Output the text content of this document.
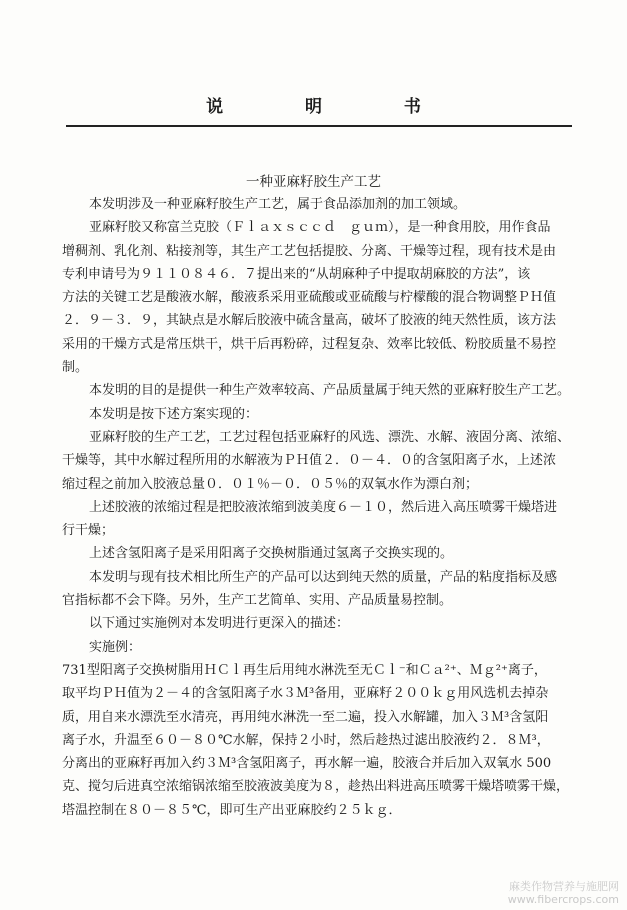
说 明 书
一种亚麻籽胶生产工艺

本发明涉及一种亚麻籽胶生产工艺，属于食品添加剂的加工领域。

亚麻籽胶又称富兰克胶（Ｆｌａｘｓｃｃｄ　ｇｕｍ），是一种食用胶，用作食品

增稠剂、乳化剂、粘接剂等，其生产工艺包括提胶、分离、干燥等过程，现有技术是由

专利申请号为９１１０８４６．７提出来的“从胡麻种子中提取胡麻胶的方法”，该

方法的关键工艺是酸液水解，酸液系采用亚硫酸或亚硫酸与柠檬酸的混合物调整ＰＨ值

２．９－３．９，其缺点是水解后胶液中硫含量高，破坏了胶液的纯天然性质，该方法

采用的干燥方式是常压烘干，烘干后再粉碎，过程复杂、效率比较低、粉胶质量不易控

制。

本发明的目的是提供一种生产效率较高、产品质量属于纯天然的亚麻籽胶生产工艺。

本发明是按下述方案实现的：

亚麻籽胶的生产工艺，工艺过程包括亚麻籽的风选、漂洗、水解、液固分离、浓缩、

干燥等，其中水解过程所用的水解液为ＰＨ值２．０－４．０的含氢阳离子水，上述浓

缩过程之前加入胶液总量０．０１％－０．０５％的双氧水作为漂白剂；

上述胶液的浓缩过程是把胶液浓缩到波美度６－１０，然后进入高压喷雾干燥塔进

行干燥；

上述含氢阳离子是采用阳离子交换树脂通过氢离子交换实现的。

本发明与现有技术相比所生产的产品可以达到纯天然的质量，产品的粘度指标及感

官指标都不会下降。另外，生产工艺简单、实用、产品质量易控制。

以下通过实施例对本发明进行更深入的描述：

实施例：

731型阳离子交换树脂用ＨＣｌ再生后用纯水淋洗至无Ｃｌ⁻和Ｃａ²⁺、Ｍｇ²⁺离子，

取平均ＰＨ值为２－４的含氢阳离子水３Ｍ³备用，亚麻籽２００ｋｇ用风选机去掉杂

质，用自来水漂洗至水清亮，再用纯水淋洗一至二遍，投入水解罐，加入３Ｍ³含氢阳

离子水，升温至６０－８０℃水解，保持２小时，然后趁热过滤出胶液约２．８Ｍ³，

分离出的亚麻籽再加入约３Ｍ³含氢阳离子，再水解一遍，胶液合并后加入双氧水 500

克、搅匀后进真空浓缩锅浓缩至胶液波美度为８，趁热出料进高压喷雾干燥塔喷雾干燥，

塔温控制在８０－８５℃，即可生产出亚麻胶约２５ｋｇ．

麻类作物营养与施肥网
www.fibercrops.com
